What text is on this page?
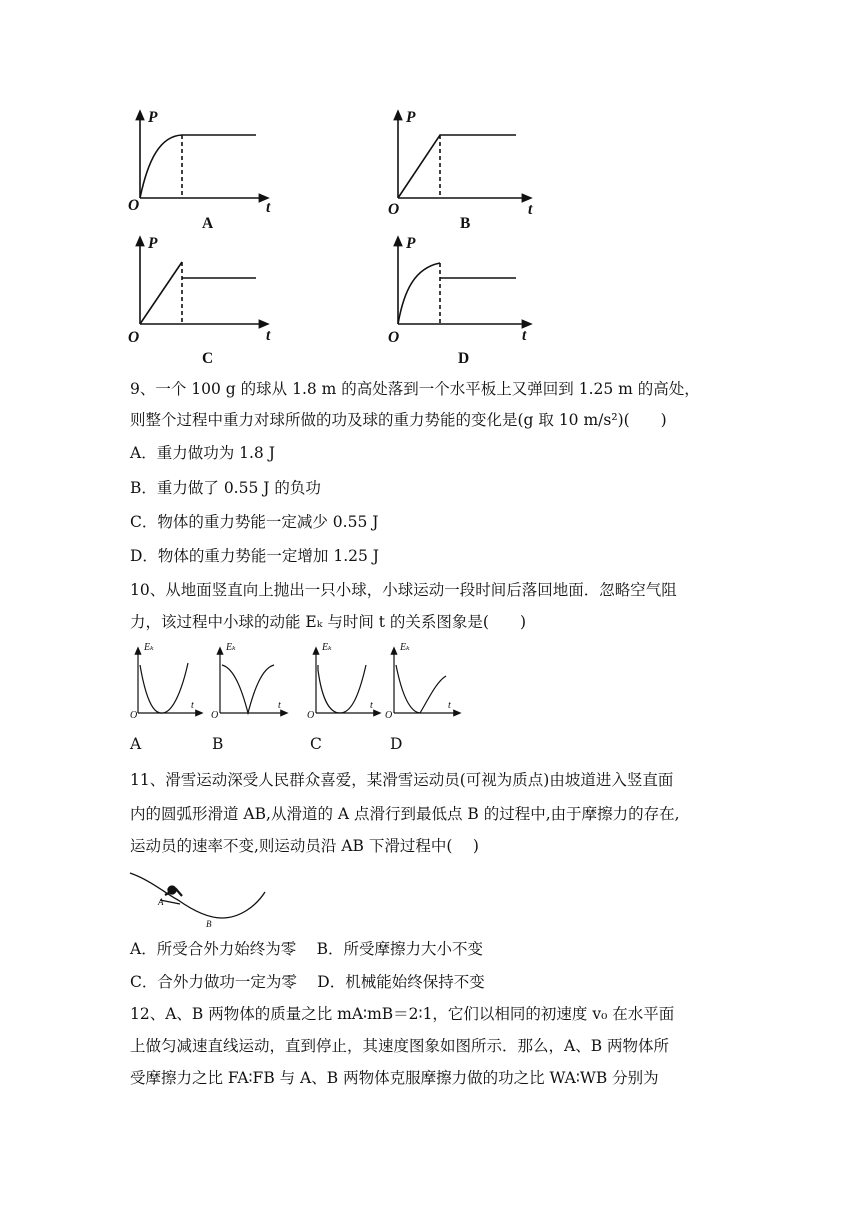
P
t
O
A
P
t
O
B
P
t
O
C
P
t
O
D
9、一个 100 g 的球从 1.8 m 的高处落到一个水平板上又弹回到 1.25 m 的高处，
则整个过程中重力对球所做的功及球的重力势能的变化是(g 取 10 m/s²)(　　)
A．重力做功为 1.8 J
B．重力做了 0.55 J 的负功
C．物体的重力势能一定减少 0.55 J
D．物体的重力势能一定增加 1.25 J
10、从地面竖直向上抛出一只小球，小球运动一段时间后落回地面．忽略空气阻
力，该过程中小球的动能 Eₖ 与时间 t 的关系图象是(　　)
Eₖ
t
O
Eₖ
t
O
Eₖ
t
O
Eₖ
t
O
A	B	C	D
11、滑雪运动深受人民群众喜爱，某滑雪运动员(可视为质点)由坡道进入竖直面
内的圆弧形滑道 AB,从滑道的 A 点滑行到最低点 B 的过程中,由于摩擦力的存在,
运动员的速率不变,则运动员沿 AB 下滑过程中(　 )
A
B
A．所受合外力始终为零　 B．所受摩擦力大小不变
C．合外力做功一定为零　 D．机械能始终保持不变
12、A、B 两物体的质量之比 mA∶mB＝2∶1，它们以相同的初速度 v₀ 在水平面
上做匀减速直线运动，直到停止，其速度图象如图所示．那么，A、B 两物体所
受摩擦力之比 FA∶FB 与 A、B 两物体克服摩擦力做的功之比 WA∶WB 分别为
